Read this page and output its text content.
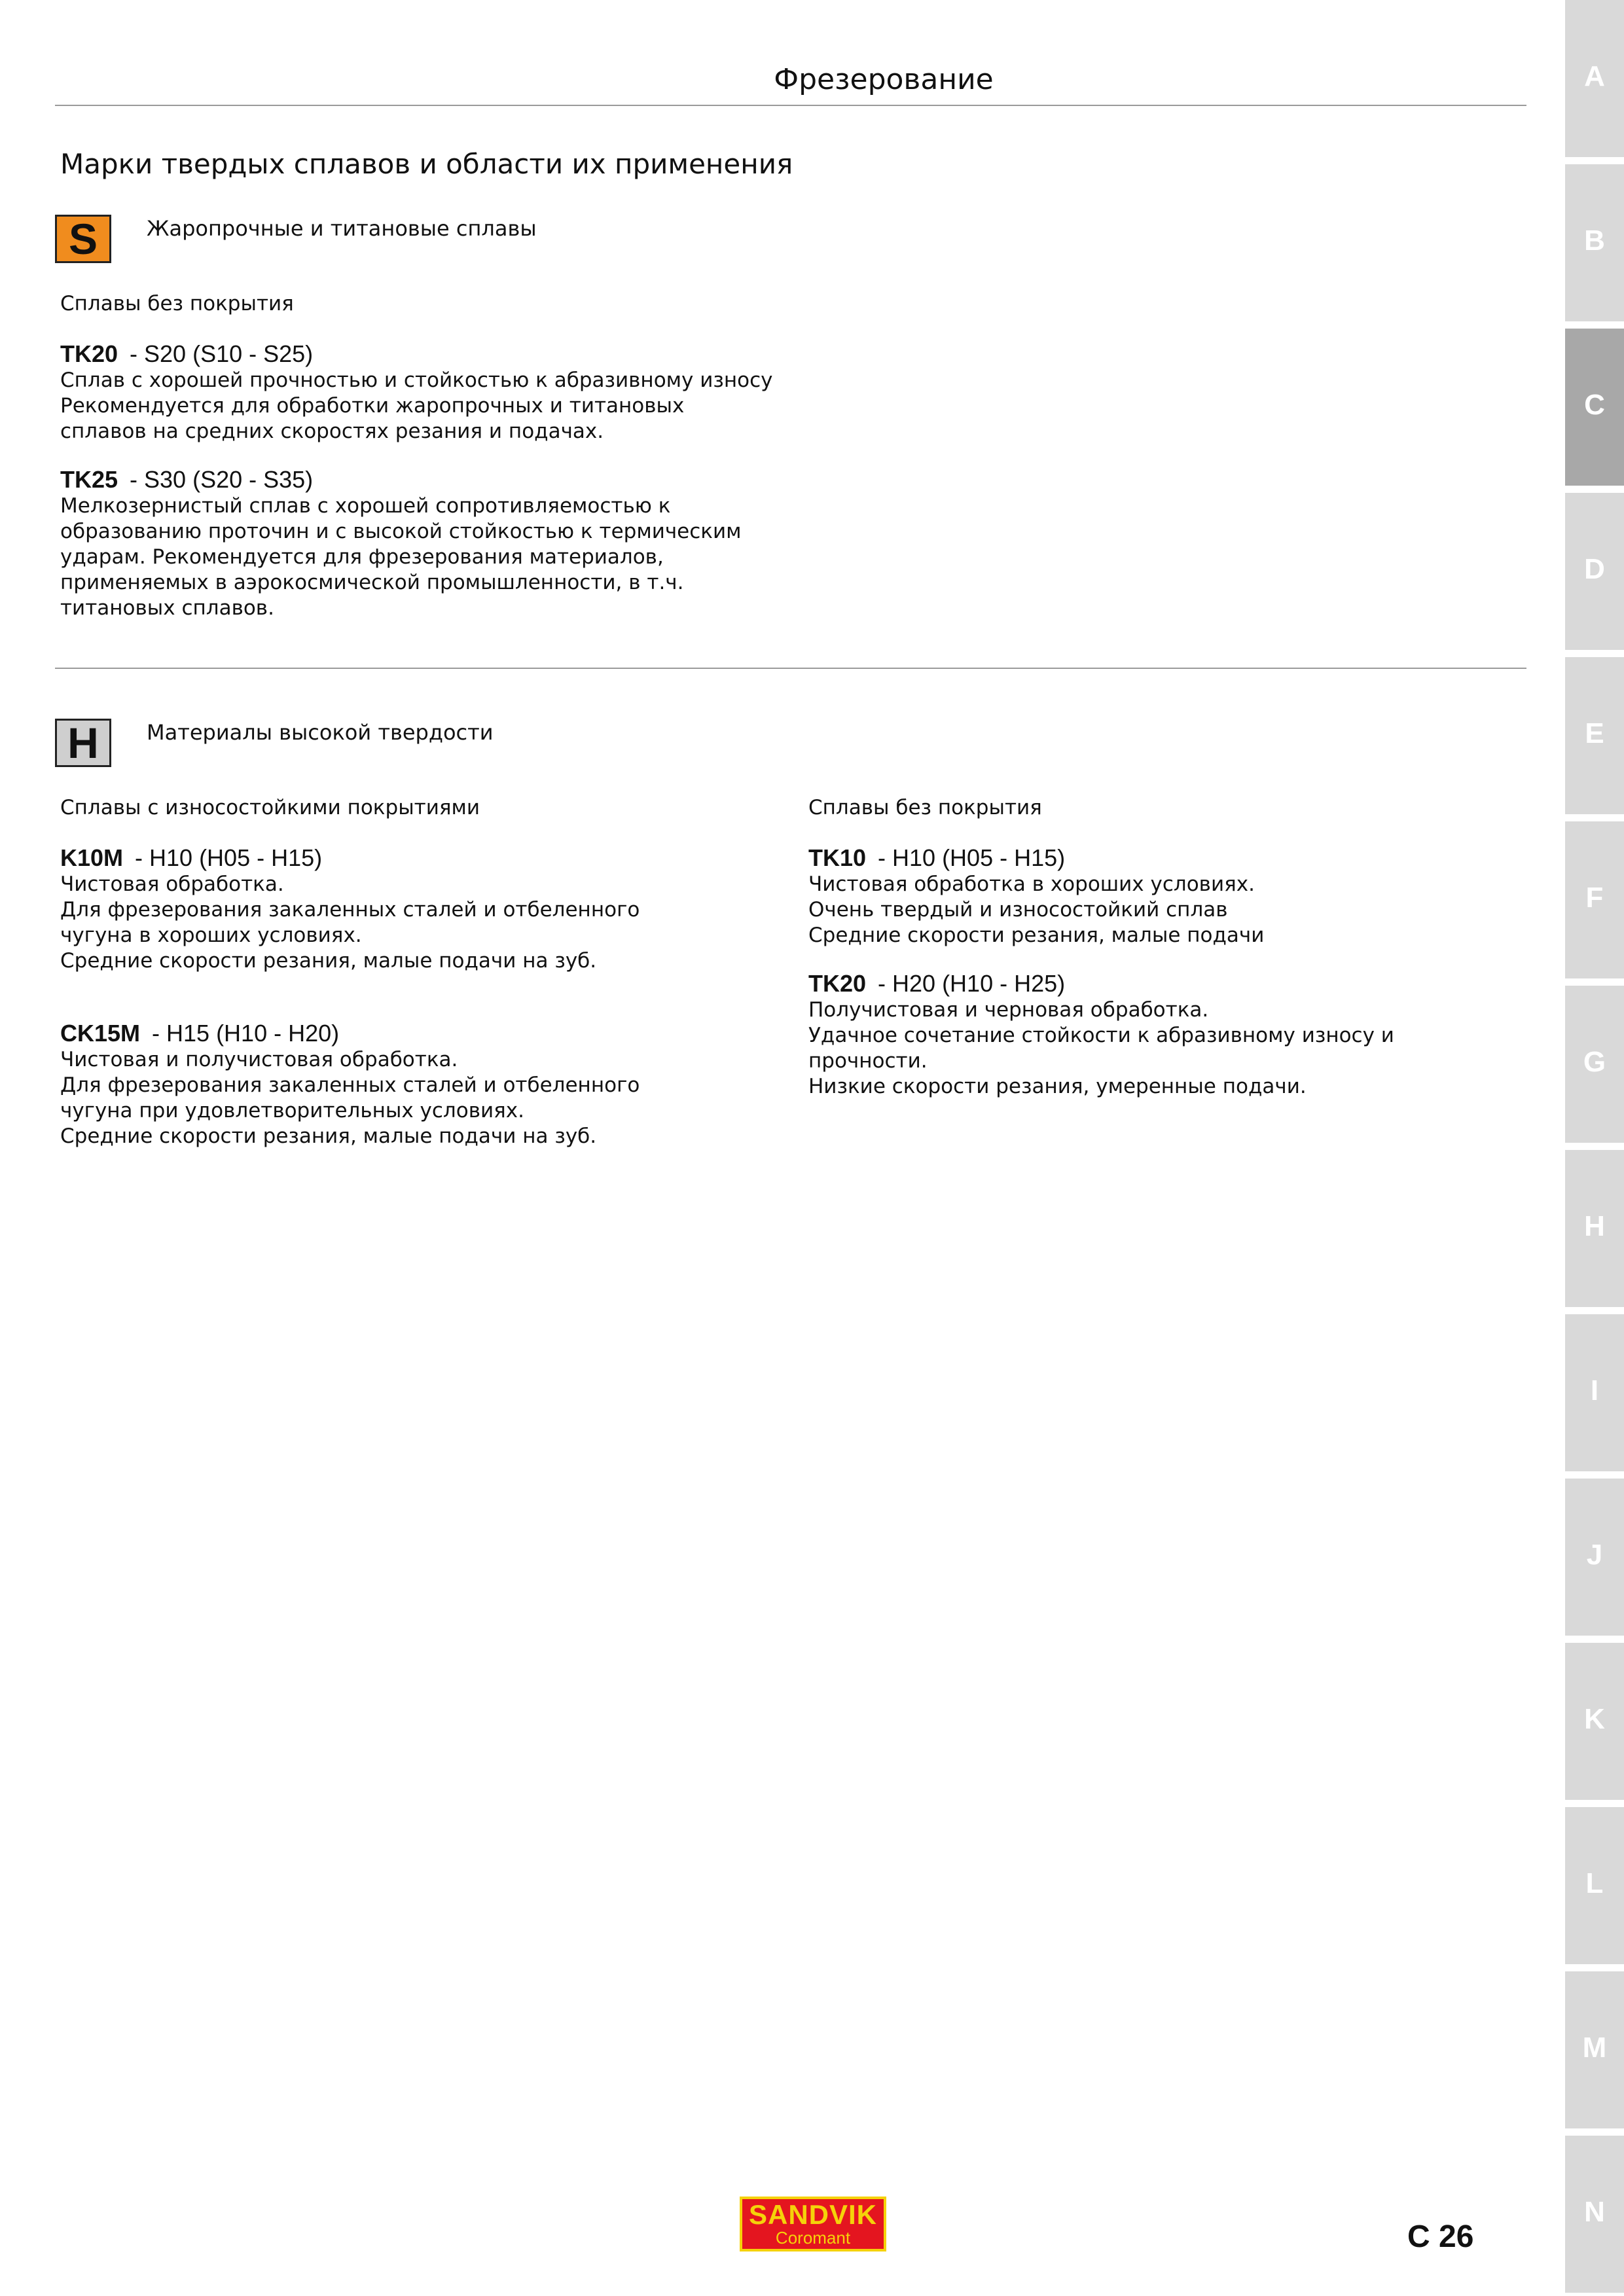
Фрезерование
Марки твердых сплавов и области их применения
S	Жаропрочные и титановые сплавы
Сплавы без покрытия
TK20 - S20 (S10 - S25)
Сплав с хорошей прочностью и стойкостью к абразивному износу
Рекомендуется для обработки жаропрочных и титановых
сплавов на средних скоростях резания и подачах.
TK25 - S30 (S20 - S35)
Мелкозернистый сплав с хорошей сопротивляемостью к
образованию проточин и с высокой стойкостью к термическим
ударам. Рекомендуется для фрезерования материалов,
применяемых в аэрокосмической промышленности, в т.ч.
титановых сплавов.
H	Материалы высокой твердости
Сплавы с износостойкими покрытиями	Сплавы без покрытия
K10M - H10 (H05 - H15)
Чистовая обработка.
Для фрезерования закаленных сталей и отбеленного
чугуна в хороших условиях.
Средние скорости резания, малые подачи на зуб.
CK15M - H15 (H10 - H20)
Чистовая и получистовая обработка.
Для фрезерования закаленных сталей и отбеленного
чугуна при удовлетворительных условиях.
Средние скорости резания, малые подачи на зуб.
TK10 - H10 (H05 - H15)
Чистовая обработка в хороших условиях.
Очень твердый и износостойкий сплав
Средние скорости резания, малые подачи
TK20 - H20 (H10 - H25)
Получистовая и черновая обработка.
Удачное сочетание стойкости к абразивному износу и
прочности.
Низкие скорости резания, умеренные подачи.
A
B
C
D
E
F
G
H
I
J
K
L
M
N
SANDVIK
Coromant	C 26
